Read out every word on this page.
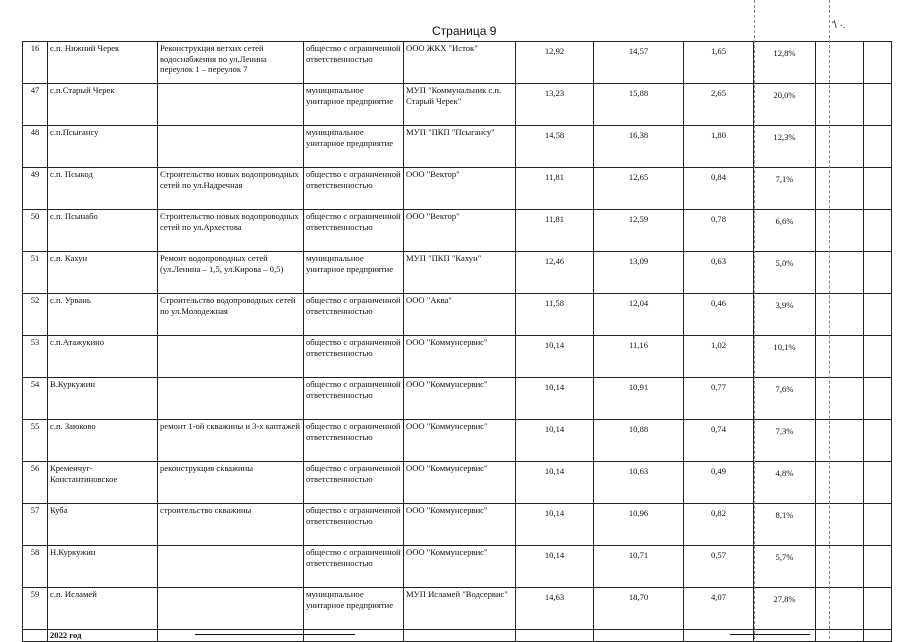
Страница 9	'\ ·.
16	с.п. Нижний Черек	Реконструкция ветхих сетей водоснабжения по ул.Ленина переулок 1 – переулок 7	общество с ограниченной ответственностью	ООО ЖКХ "Исток"	12,92	14,57	1,65	12,8%		
47	с.п.Старый Черек		муниципальное унитарное предприятие	МУП "Коммунальник с.п. Старый Черек"	13,23	15,88	2,65	20,0%		
48	с.п.Псыгансу		муниципальное унитарное предприятие	МУП "ПКП "Псыгансу"	14,58	16,38	1,80	12,3%		
49	с.п. Псыкод	Строительство новых водопроводных сетей по ул.Надречная	общество с ограниченной ответственностью	ООО "Вектор"	11,81	12,65	0,84	7,1%		
50	с.п. Псынабо	Строительство новых водопроводных сетей по ул.Архестова	общество с ограниченной ответственностью	ООО "Вектор"	11,81	12,59	0,78	6,6%		
51	с.п. Кахун	Ремонт водопроводных сетей (ул.Ленина – 1,5, ул.Кирова – 0,5)	муниципальное унитарное предприятие	МУП "ПКП "Кахун"	12,46	13,09	0,63	5,0%		
52	с.п. Урвань	Строительство водопроводных сетей по ул.Молодежная	общество с ограниченной ответственностью	ООО "Аква"	11,58	12,04	0,46	3,9%		
53	с.п.Атажукино		общество с ограниченной ответственностью	ООО "Коммунсервис"	10,14	11,16	1,02	10,1%		
54	В.Куркужин		общество с ограниченной ответственностью	ООО "Коммунсервис"	10,14	10,91	0,77	7,6%		
55	с.п. Заюково	ремонт 1-ой скважины и 3-х каптажей	общество с ограниченной ответственностью	ООО "Коммунсервис"	10,14	10,88	0,74	7,3%		
56	Кременчуг-Константиновское	реконструкция скважины	общество с ограниченной ответственностью	ООО "Коммунсервис"	10,14	10,63	0,49	4,8%		
57	Куба	строительство скважины	общество с ограниченной ответственностью	ООО "Коммунсервис"	10,14	10,96	0,82	8,1%		
58	Н.Куркужин		общество с ограниченной ответственностью	ООО "Коммунсервис"	10,14	10,71	0,57	5,7%		
59	с.п. Исламей		муниципальное унитарное предприятие	МУП Исламей "Водсервис"	14,63	18,70	4,07	27,8%		
	2022 год									
